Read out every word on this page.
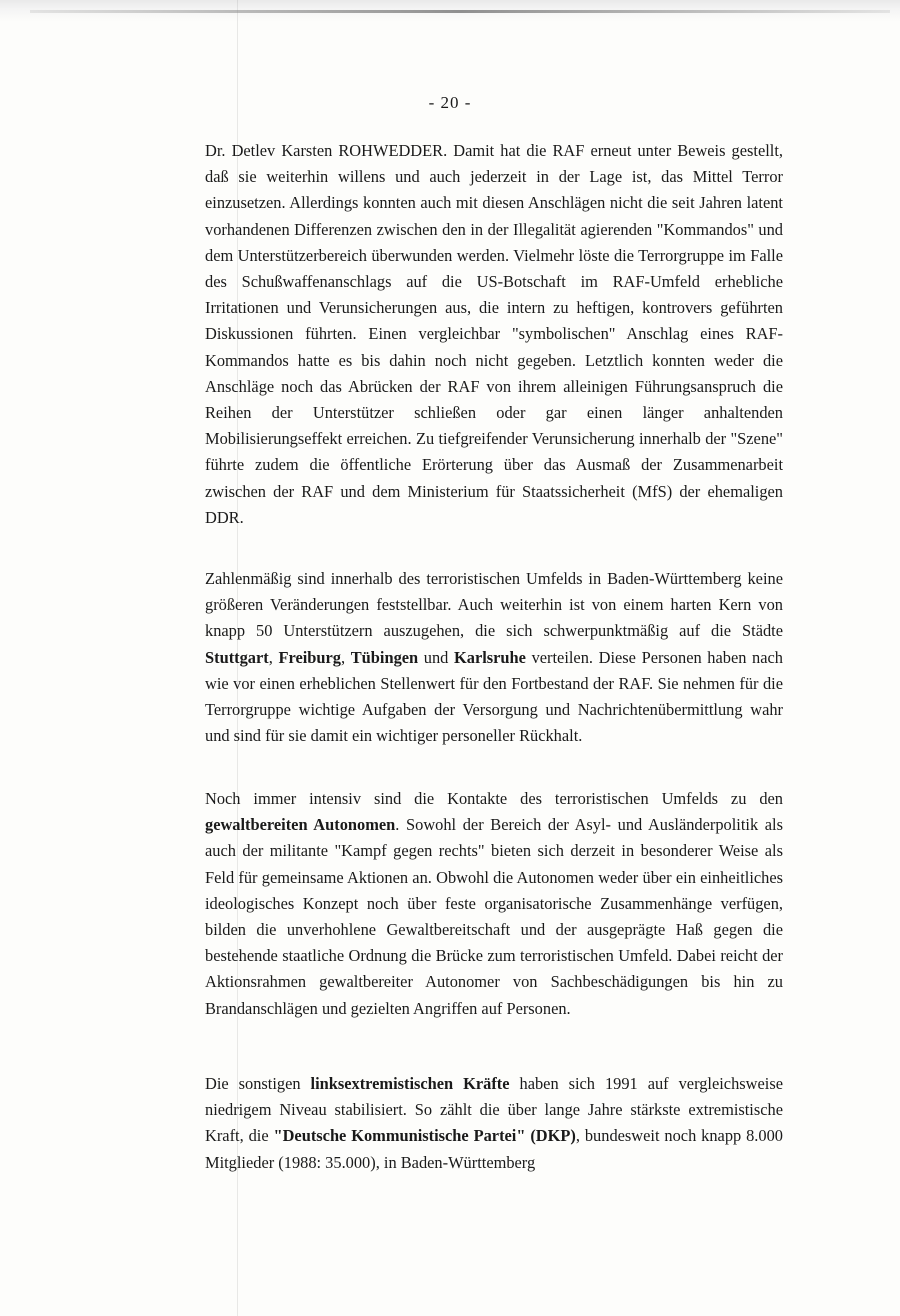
- 20 -

Dr. Detlev Karsten ROHWEDDER. Damit hat die RAF erneut unter Beweis gestellt, daß sie weiterhin willens und auch jederzeit in der Lage ist, das Mittel Terror einzusetzen. Allerdings konnten auch mit diesen Anschlägen nicht die seit Jahren latent vorhandenen Differenzen zwischen den in der Illegalität agierenden "Kommandos" und dem Unterstützerbereich überwunden werden. Vielmehr löste die Terrorgruppe im Falle des Schußwaffenanschlags auf die US-Botschaft im RAF-Umfeld erhebliche Irritationen und Verunsicherungen aus, die intern zu heftigen, kontrovers geführten Diskussionen führten. Einen vergleichbar "symbolischen" Anschlag eines RAF-Kommandos hatte es bis dahin noch nicht gegeben. Letztlich konnten weder die Anschläge noch das Abrücken der RAF von ihrem alleinigen Führungsanspruch die Reihen der Unterstützer schließen oder gar einen länger anhaltenden Mobilisierungseffekt erreichen. Zu tiefgreifender Verunsicherung innerhalb der "Szene" führte zudem die öffentliche Erörterung über das Ausmaß der Zusammenarbeit zwischen der RAF und dem Ministerium für Staatssicherheit (MfS) der ehemaligen DDR.

Zahlenmäßig sind innerhalb des terroristischen Umfelds in Baden-Württemberg keine größeren Veränderungen feststellbar. Auch weiterhin ist von einem harten Kern von knapp 50 Unterstützern auszugehen, die sich schwerpunktmäßig auf die Städte Stuttgart, Freiburg, Tübingen und Karlsruhe verteilen. Diese Personen haben nach wie vor einen erheblichen Stellenwert für den Fortbestand der RAF. Sie nehmen für die Terrorgruppe wichtige Aufgaben der Versorgung und Nachrichtenübermittlung wahr und sind für sie damit ein wichtiger personeller Rückhalt.

Noch immer intensiv sind die Kontakte des terroristischen Umfelds zu den gewaltbereiten Autonomen. Sowohl der Bereich der Asyl- und Ausländerpolitik als auch der militante "Kampf gegen rechts" bieten sich derzeit in besonderer Weise als Feld für gemeinsame Aktionen an. Obwohl die Autonomen weder über ein einheitliches ideologisches Konzept noch über feste organisatorische Zusammenhänge verfügen, bilden die unverhohlene Gewaltbereitschaft und der ausgeprägte Haß gegen die bestehende staatliche Ordnung die Brücke zum terroristischen Umfeld. Dabei reicht der Aktionsrahmen gewaltbereiter Autonomer von Sachbeschädigungen bis hin zu Brandanschlägen und gezielten Angriffen auf Personen.

Die sonstigen linksextremistischen Kräfte haben sich 1991 auf vergleichsweise niedrigem Niveau stabilisiert. So zählt die über lange Jahre stärkste extremistische Kraft, die "Deutsche Kommunistische Partei" (DKP), bundesweit noch knapp 8.000 Mitglieder (1988: 35.000), in Baden-Württemberg
